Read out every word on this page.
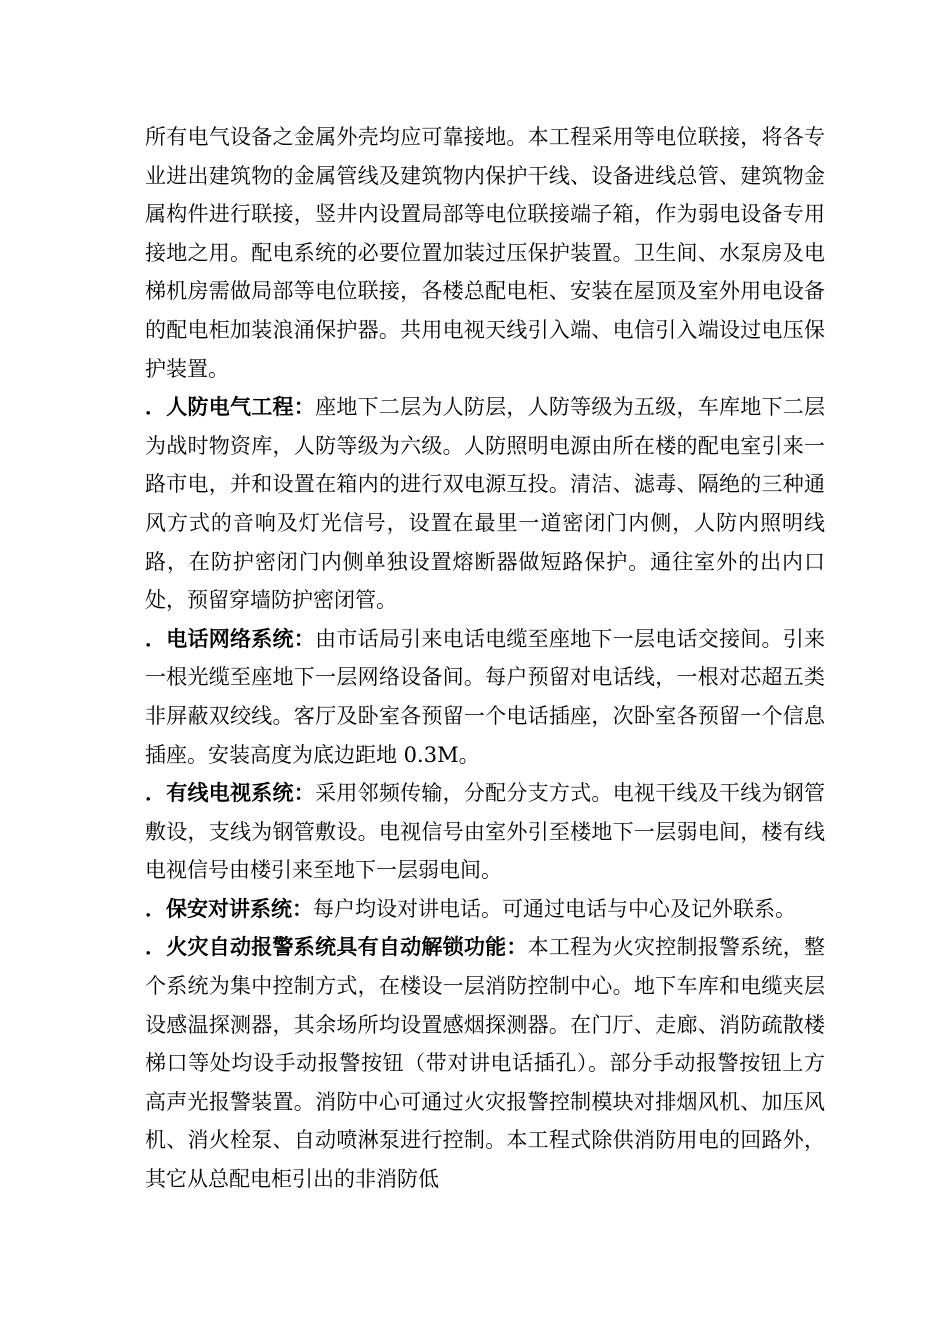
所有电气设备之金属外壳均应可靠接地。本工程采用等电位联接，将各专业进出建筑物的金属管线及建筑物内保护干线、设备进线总管、建筑物金属构件进行联接，竖井内设置局部等电位联接端子箱，作为弱电设备专用接地之用。配电系统的必要位置加装过压保护装置。卫生间、水泵房及电梯机房需做局部等电位联接，各楼总配电柜、安装在屋顶及室外用电设备的配电柜加装浪涌保护器。共用电视天线引入端、电信引入端设过电压保护装置。

．人防电气工程：座地下二层为人防层，人防等级为五级，车库地下二层为战时物资库，人防等级为六级。人防照明电源由所在楼的配电室引来一路市电，并和设置在箱内的进行双电源互投。清洁、滤毒、隔绝的三种通风方式的音响及灯光信号，设置在最里一道密闭门内侧，人防内照明线路，在防护密闭门内侧单独设置熔断器做短路保护。通往室外的出内口处，预留穿墙防护密闭管。

．电话网络系统：由市话局引来电话电缆至座地下一层电话交接间。引来一根光缆至座地下一层网络设备间。每户预留对电话线，一根对芯超五类非屏蔽双绞线。客厅及卧室各预留一个电话插座，次卧室各预留一个信息插座。安装高度为底边距地 0.3M。

．有线电视系统：采用邻频传输，分配分支方式。电视干线及干线为钢管敷设，支线为钢管敷设。电视信号由室外引至楼地下一层弱电间，楼有线电视信号由楼引来至地下一层弱电间。

．保安对讲系统：每户均设对讲电话。可通过电话与中心及记外联系。

．火灾自动报警系统具有自动解锁功能：本工程为火灾控制报警系统，整个系统为集中控制方式，在楼设一层消防控制中心。地下车库和电缆夹层设感温探测器，其余场所均设置感烟探测器。在门厅、走廊、消防疏散楼梯口等处均设手动报警按钮（带对讲电话插孔）。部分手动报警按钮上方高声光报警装置。消防中心可通过火灾报警控制模块对排烟风机、加压风机、消火栓泵、自动喷淋泵进行控制。本工程式除供消防用电的回路外，其它从总配电柜引出的非消防低
